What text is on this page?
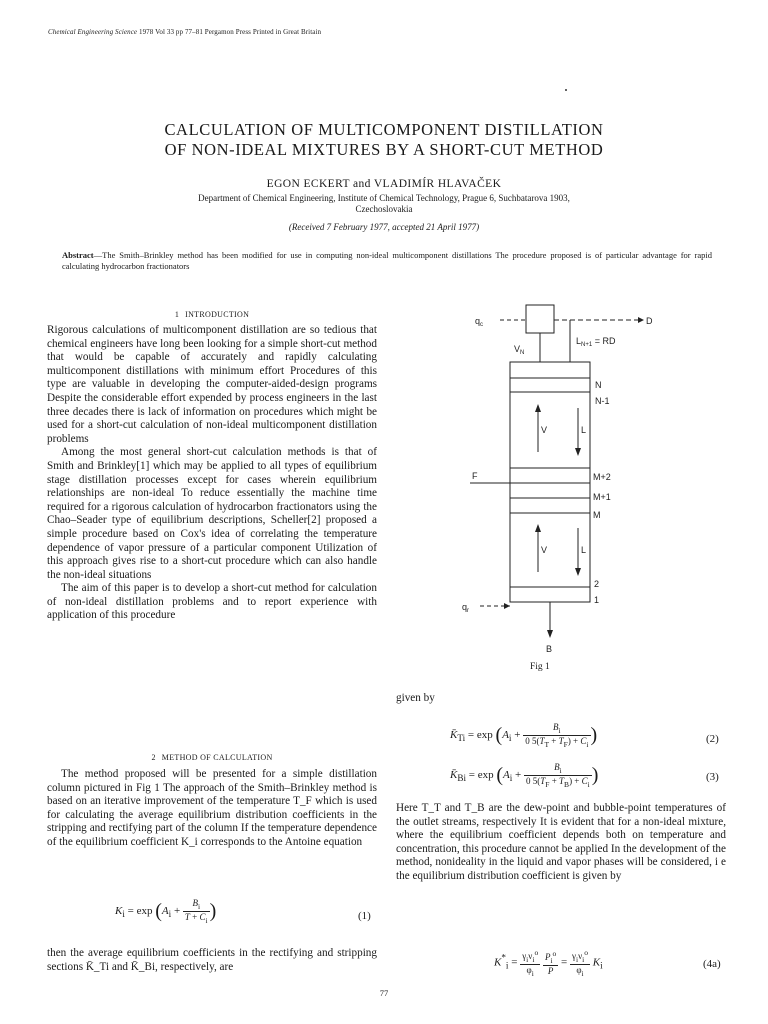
Chemical Engineering Science 1978 Vol 33 pp 77–81 Pergamon Press Printed in Great Britain
CALCULATION OF MULTICOMPONENT DISTILLATION
OF NON-IDEAL MIXTURES BY A SHORT-CUT METHOD
EGON ECKERT and VLADIMÍR HLAVAČEK
Department of Chemical Engineering, Institute of Chemical Technology, Prague 6, Suchbatarova 1903,
Czechoslovakia
(Received 7 February 1977, accepted 21 April 1977)
Abstract—The Smith–Brinkley method has been modified for use in computing non-ideal multicomponent distillations The procedure proposed is of particular advantage for rapid calculating hydrocarbon fractionators
1 INTRODUCTION

Rigorous calculations of multicomponent distillation are so tedious that chemical engineers have long been looking for a simple short-cut method that would be capable of accurately and rapidly calculating multicomponent distillations with minimum effort Procedures of this type are valuable in developing the computer-aided-design programs Despite the considerable effort expended by process engineers in the last three decades there is lack of information on procedures which might be used for a short-cut calculation of non-ideal multicomponent distillation problems

Among the most general short-cut calculation methods is that of Smith and Brinkley[1] which may be applied to all types of equilibrium stage distillation processes except for cases wherein equilibrium relationships are non-ideal To reduce essentially the machine time required for a rigorous calculation of hydrocarbon fractionators using the Chao–Seader type of equilibrium descriptions, Scheller[2] proposed a simple procedure based on Cox's idea of correlating the temperature dependence of vapor pressure of a particular component Utilization of this approach gives rise to a short-cut procedure which can also handle the non-ideal situations

The aim of this paper is to develop a short-cut method for calculation of non-ideal distillation problems and to report experience with application of this procedure

2 METHOD OF CALCULATION

The method proposed will be presented for a simple distillation column pictured in Fig 1 The approach of the Smith–Brinkley method is based on an iterative improvement of the temperature T_F which is used for calculating the average equilibrium distribution coefficients in the stripping and rectifying part of the column If the temperature dependence of the equilibrium coefficient K_i corresponds to the Antoine equation

$K_i = \exp (A_i + \frac{B_i}{T + C_i}$ )	(1)

then the average equilibrium coefficients in the rectifying and stripping sections K̄_Ti and K̄_Bi, respectively, are

$q_c$	D
$V_N$
$L_{N+1}$ = RD
N
N-1
V	L
M+2
M+1
M
F
V	L
2
1
$q_r$
B
Fig 1

given by

$K̄_{Ti} = \exp (A_i + \frac{B_i}{0 5(T_T + T_F) + C_i}$ )	(2)
$K̄_{Bi} = \exp (A_i + \frac{B_i}{0 5(T_F + T_B) + C_i}$ )	(3)

Here T_T and T_B are the dew-point and bubble-point temperatures of the outlet streams, respectively It is evident that for a non-ideal mixture, where the equilibrium coefficient depends both on temperature and concentration, this procedure cannot be applied In the development of the method, nonideality in the liquid and vapor phases will be considered, i e the equilibrium distribution coefficient is given by

$K^*_i = \frac{\gamma_i\nu_i^o}{\varphi_i}$
$\frac{P_i^o}{P} = \frac{\gamma_i\nu_i^o}{\varphi_i} K_i$	(4a)
77
